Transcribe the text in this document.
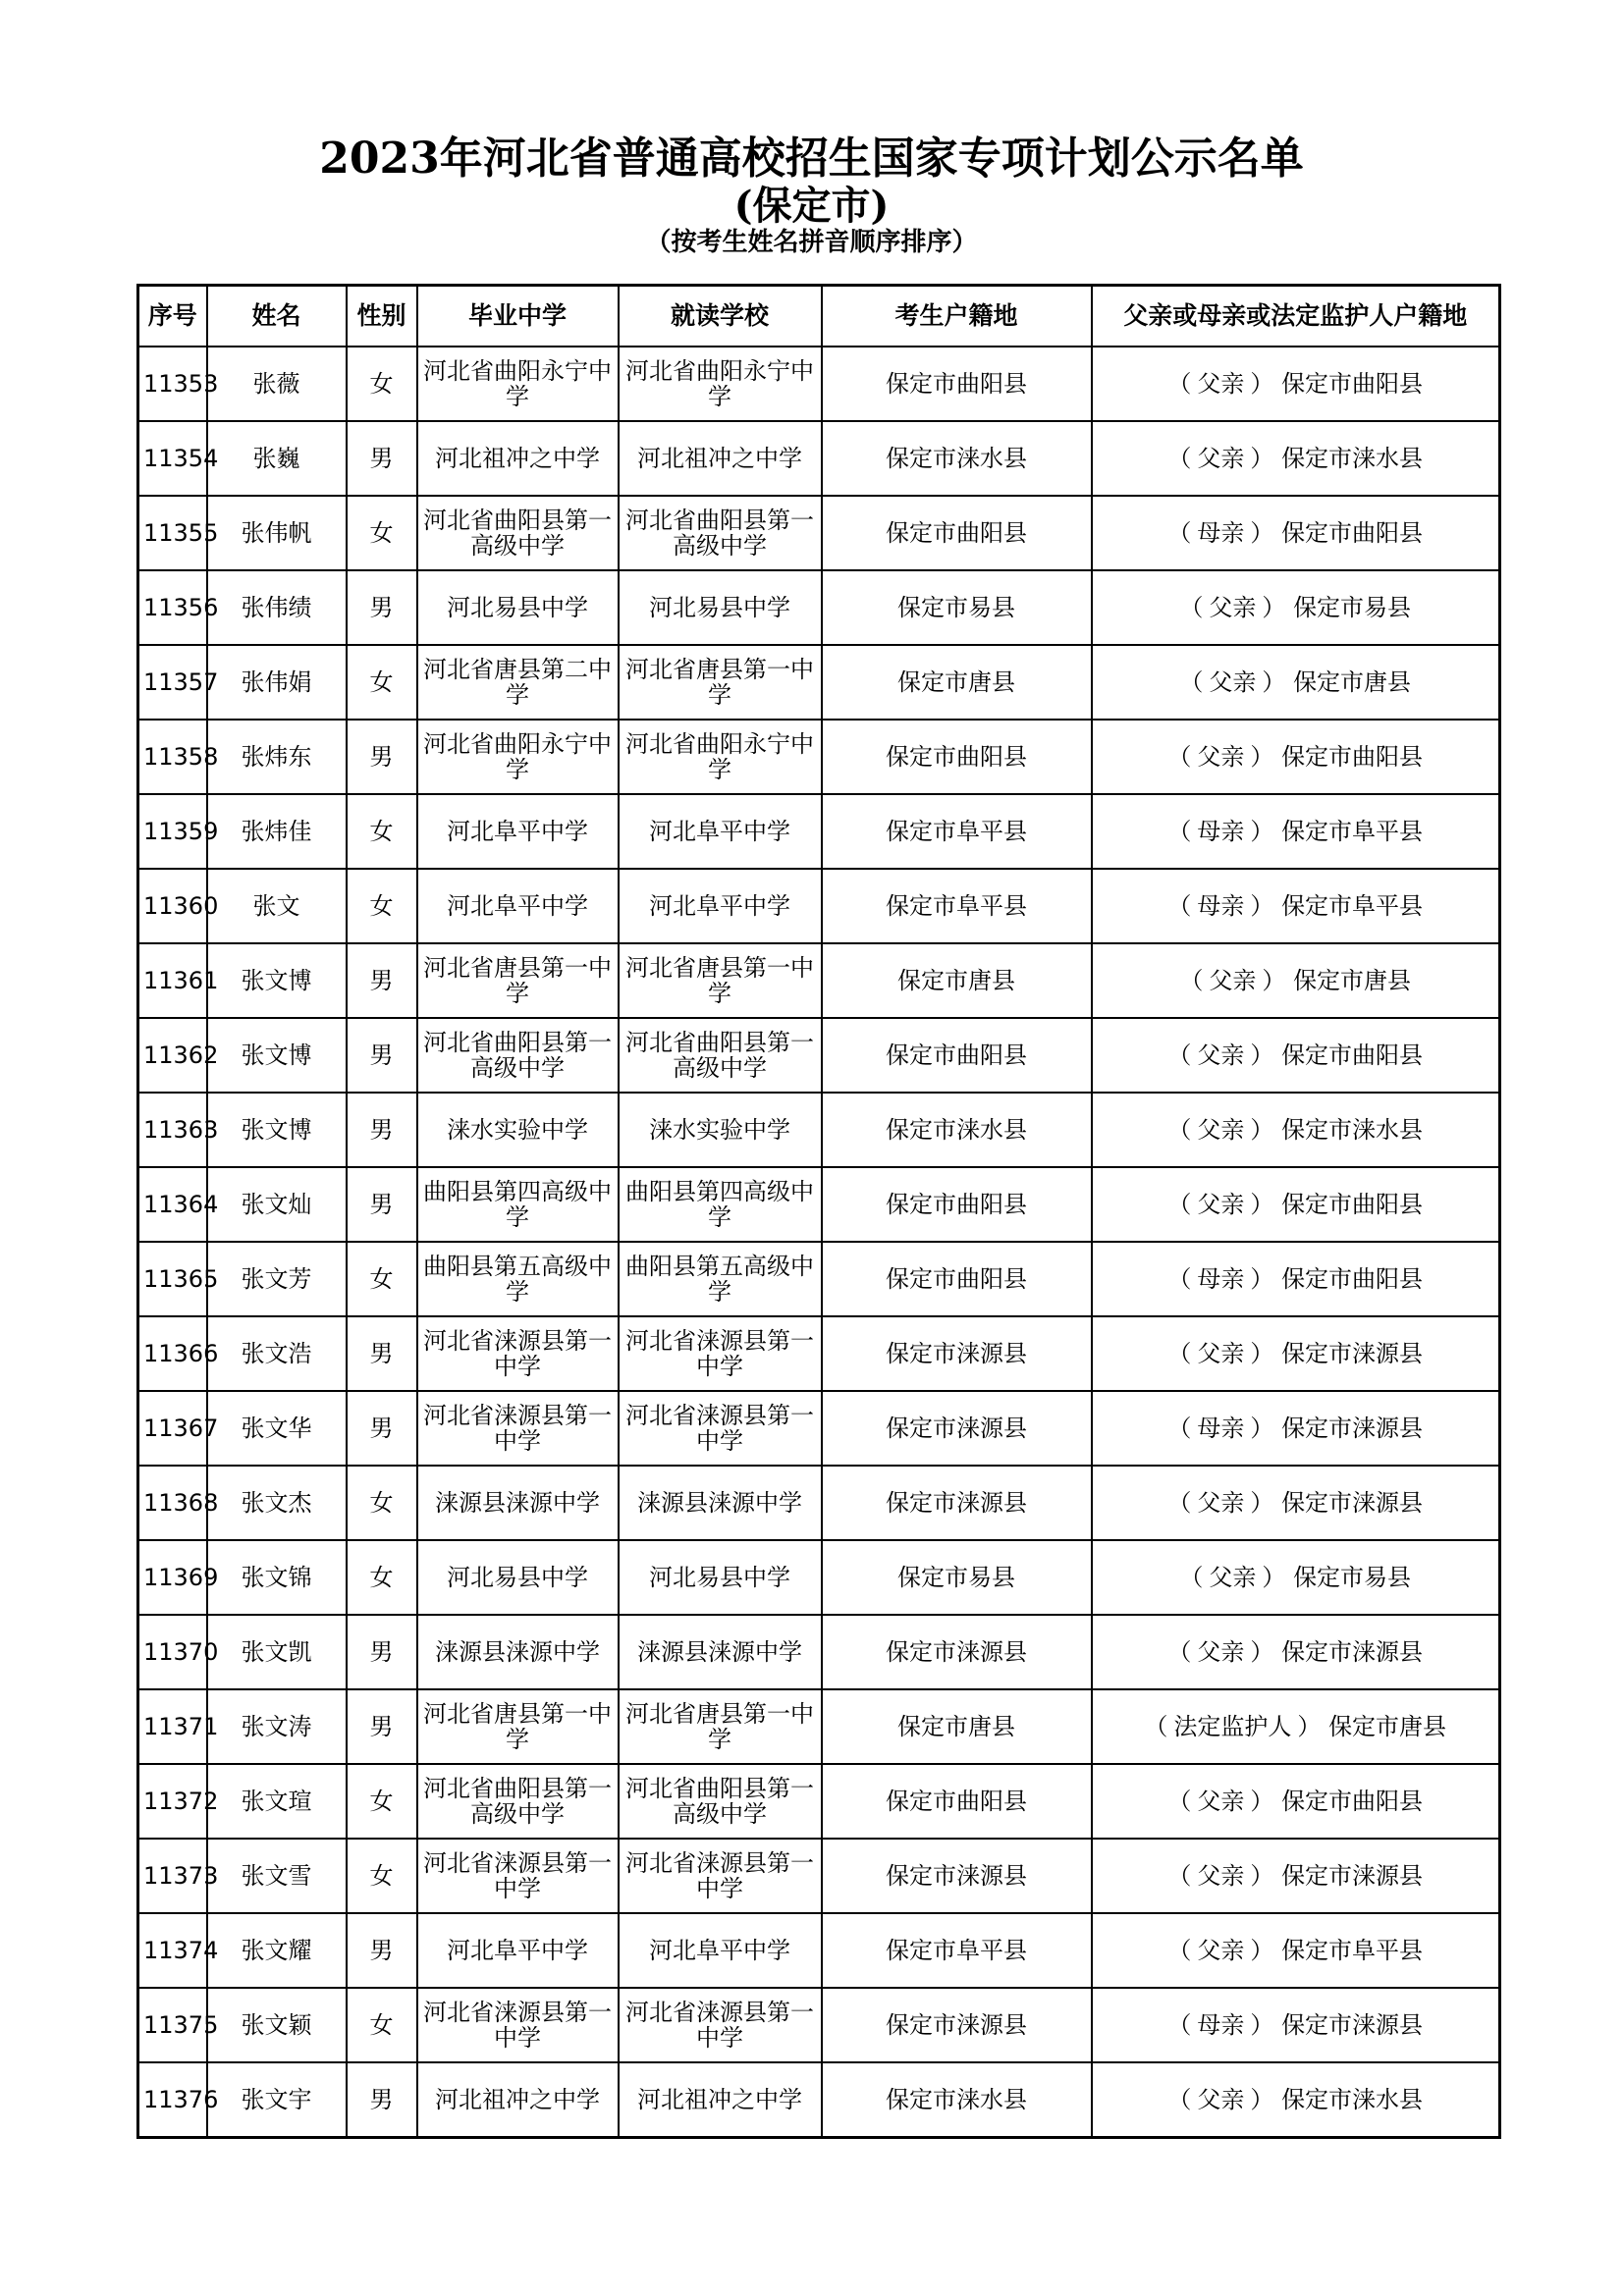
2023年河北省普通高校招生国家专项计划公示名单
(保定市)
（按考生姓名拼音顺序排序）
序号	姓名	性别	毕业中学	就读学校	考生户籍地	父亲或母亲或法定监护人户籍地
11353	张薇	女	河北省曲阳永宁中学	河北省曲阳永宁中学	保定市曲阳县	（ 父亲 ） 保定市曲阳县
11354	张巍	男	河北祖冲之中学	河北祖冲之中学	保定市涞水县	（ 父亲 ） 保定市涞水县
11355	张伟帆	女	河北省曲阳县第一高级中学	河北省曲阳县第一高级中学	保定市曲阳县	（ 母亲 ） 保定市曲阳县
11356	张伟绩	男	河北易县中学	河北易县中学	保定市易县	（ 父亲 ） 保定市易县
11357	张伟娟	女	河北省唐县第二中学	河北省唐县第一中学	保定市唐县	（ 父亲 ） 保定市唐县
11358	张炜东	男	河北省曲阳永宁中学	河北省曲阳永宁中学	保定市曲阳县	（ 父亲 ） 保定市曲阳县
11359	张炜佳	女	河北阜平中学	河北阜平中学	保定市阜平县	（ 母亲 ） 保定市阜平县
11360	张文	女	河北阜平中学	河北阜平中学	保定市阜平县	（ 母亲 ） 保定市阜平县
11361	张文博	男	河北省唐县第一中学	河北省唐县第一中学	保定市唐县	（ 父亲 ） 保定市唐县
11362	张文博	男	河北省曲阳县第一高级中学	河北省曲阳县第一高级中学	保定市曲阳县	（ 父亲 ） 保定市曲阳县
11363	张文博	男	涞水实验中学	涞水实验中学	保定市涞水县	（ 父亲 ） 保定市涞水县
11364	张文灿	男	曲阳县第四高级中学	曲阳县第四高级中学	保定市曲阳县	（ 父亲 ） 保定市曲阳县
11365	张文芳	女	曲阳县第五高级中学	曲阳县第五高级中学	保定市曲阳县	（ 母亲 ） 保定市曲阳县
11366	张文浩	男	河北省涞源县第一中学	河北省涞源县第一中学	保定市涞源县	（ 父亲 ） 保定市涞源县
11367	张文华	男	河北省涞源县第一中学	河北省涞源县第一中学	保定市涞源县	（ 母亲 ） 保定市涞源县
11368	张文杰	女	涞源县涞源中学	涞源县涞源中学	保定市涞源县	（ 父亲 ） 保定市涞源县
11369	张文锦	女	河北易县中学	河北易县中学	保定市易县	（ 父亲 ） 保定市易县
11370	张文凯	男	涞源县涞源中学	涞源县涞源中学	保定市涞源县	（ 父亲 ） 保定市涞源县
11371	张文涛	男	河北省唐县第一中学	河北省唐县第一中学	保定市唐县	（ 法定监护人 ） 保定市唐县
11372	张文瑄	女	河北省曲阳县第一高级中学	河北省曲阳县第一高级中学	保定市曲阳县	（ 父亲 ） 保定市曲阳县
11373	张文雪	女	河北省涞源县第一中学	河北省涞源县第一中学	保定市涞源县	（ 父亲 ） 保定市涞源县
11374	张文耀	男	河北阜平中学	河北阜平中学	保定市阜平县	（ 父亲 ） 保定市阜平县
11375	张文颖	女	河北省涞源县第一中学	河北省涞源县第一中学	保定市涞源县	（ 母亲 ） 保定市涞源县
11376	张文宇	男	河北祖冲之中学	河北祖冲之中学	保定市涞水县	（ 父亲 ） 保定市涞水县
